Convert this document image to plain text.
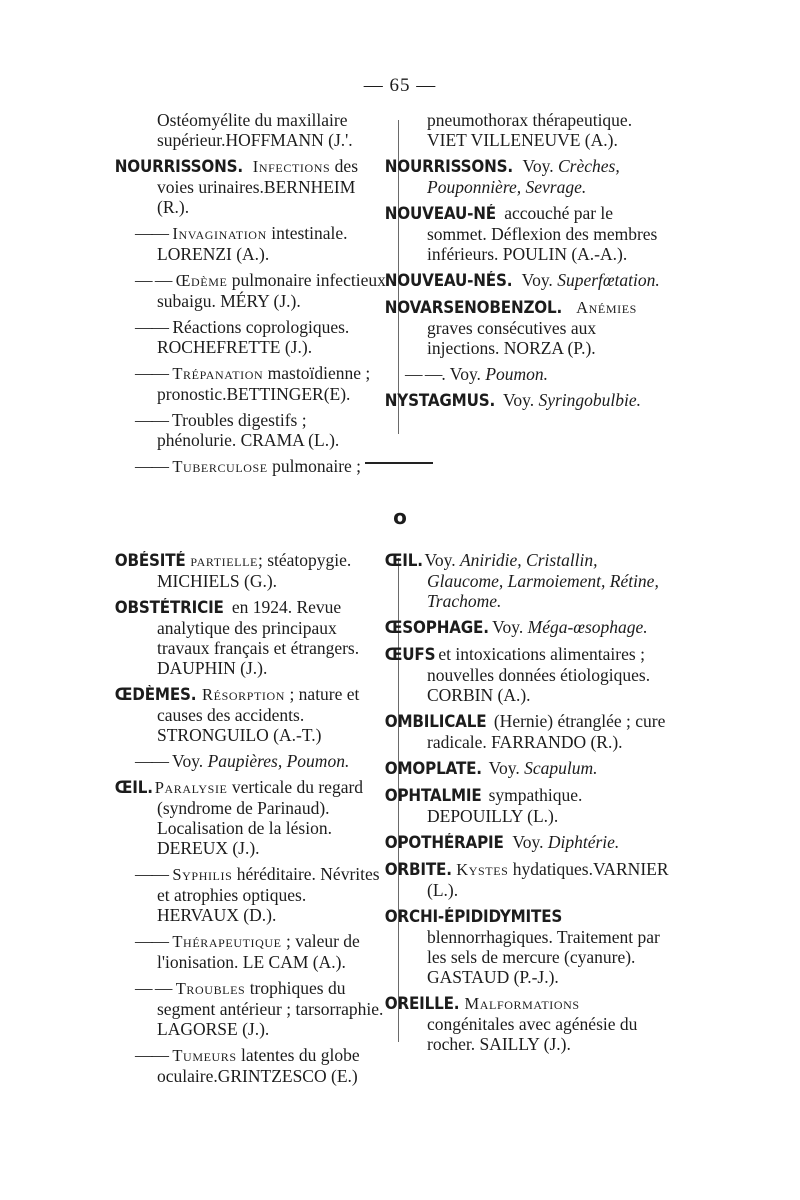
— 65 —

Ostéomyélite du maxillaire supérieur.HOFFMANN (J.'.

NOURRISSONS. Infections des voies urinaires.BERNHEIM (R.).

—— Invagination intestinale. LORENZI (A.).

— — Œdème pulmonaire infectieux subaigu. MÉRY (J.).

—— Réactions coprologiques. ROCHEFRETTE (J.).

—— Trépanation mastoïdienne ; pronostic.BETTINGER(E).

—— Troubles digestifs ; phénolurie. CRAMA (L.).

—— Tuberculose pulmonaire ;

pneumothorax thérapeutique. VIET VILLENEUVE (A.).

NOURRISSONS. Voy. Crèches, Pouponnière, Sevrage.

NOUVEAU-NÉ accouché par le sommet. Déflexion des membres inférieurs. POULIN (A.-A.).

NOUVEAU-NÉS. Voy. Superfœtation.

NOVARSENOBENZOL. Anémies graves consécutives aux injections. NORZA (P.).

— —. Voy. Poumon.

NYSTAGMUS. Voy. Syringobulbie.

o

OBÉSITÉ partielle; stéatopygie. MICHIELS (G.).

OBSTÉTRICIE en 1924. Revue analytique des principaux travaux français et étrangers. DAUPHIN (J.).

ŒDÈMES. Résorption ; nature et causes des accidents. STRONGUILO (A.-T.)

—— Voy. Paupières, Poumon.

ŒIL. Paralysie verticale du regard (syndrome de Parinaud). Localisation de la lésion. DEREUX (J.).

—— Syphilis héréditaire. Névrites et atrophies optiques. HERVAUX (D.).

—— Thérapeutique ; valeur de l'ionisation. LE CAM (A.).

— — Troubles trophiques du segment antérieur ; tarsorraphie. LAGORSE (J.).

—— Tumeurs latentes du globe oculaire.GRINTZESCO (E.)

ŒIL. Voy. Aniridie, Cristallin, Glaucome, Larmoiement, Rétine, Trachome.

ŒSOPHAGE. Voy. Méga-œsophage.

ŒUFS et intoxications alimentaires ; nouvelles données étiologiques. CORBIN (A.).

OMBILICALE (Hernie) étranglée ; cure radicale. FARRANDO (R.).

OMOPLATE. Voy. Scapulum.

OPHTALMIE sympathique. DEPOUILLY (L.).

OPOTHÉRAPIE Voy. Diphtérie.

ORBITE. Kystes hydatiques.VARNIER (L.).

ORCHI-ÉPIDIDYMITES blennorrhagiques. Traitement par les sels de mercure (cyanure). GASTAUD (P.-J.).

OREILLE. Malformations congénitales avec agénésie du rocher. SAILLY (J.).
